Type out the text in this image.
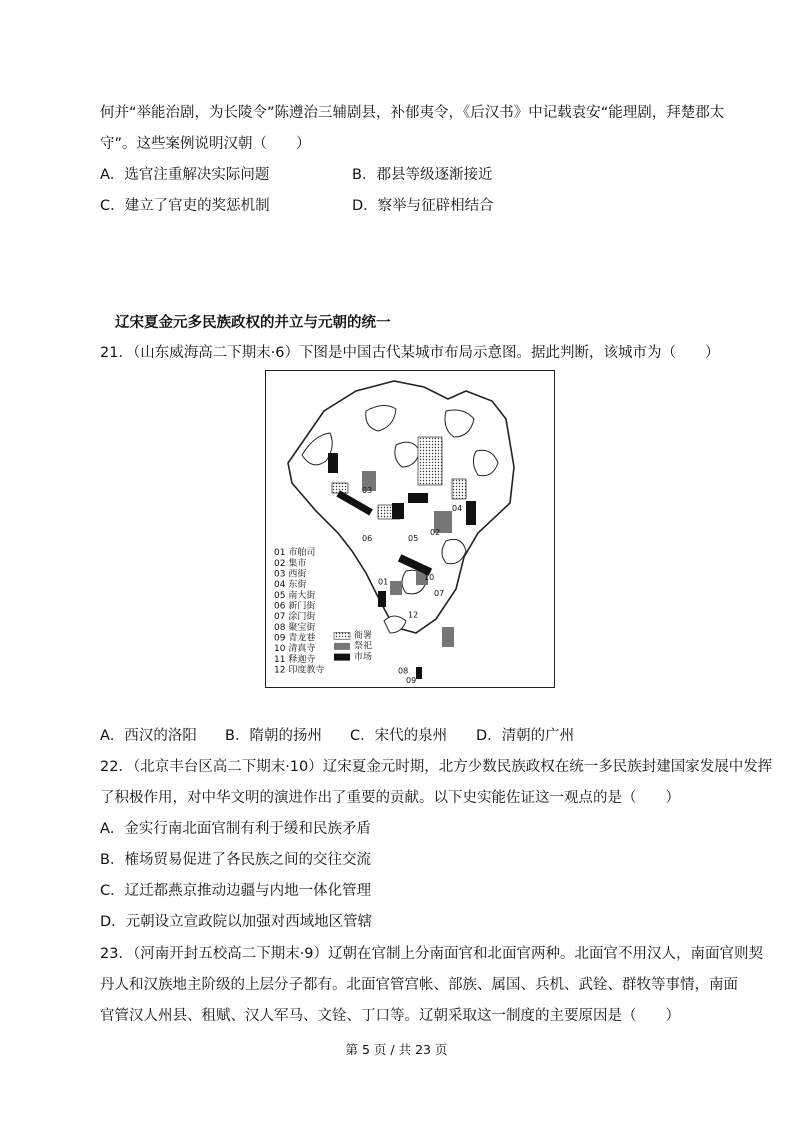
何并“举能治剧，为长陵令”陈遵治三辅剧县，补郁夷令，《后汉书》中记载袁安“能理剧，拜楚郡太
守”。这些案例说明汉朝（　　）
A．选官注重解决实际问题	B．郡县等级逐渐接近
C．建立了官吏的奖惩机制	D．察举与征辟相结合
辽宋夏金元多民族政权的并立与元朝的统一
21．（山东威海高二下期末·6）下图是中国古代某城市布局示意图。据此判断，该城市为（　　）
03
04
05
02
06
01
10
07
12
08
09
01 市舶司
02 集市
03 西街
04 东街
05 南大街
06 新门街
07 涂门街
08 聚宝街
09 青龙巷
10 清真寺
11 释迦寺
12 印度教寺
衙署
祭祀
市场
A．西汉的洛阳 B．隋朝的扬州 C．宋代的泉州 D．清朝的广州
22．（北京丰台区高二下期末·10）辽宋夏金元时期，北方少数民族政权在统一多民族封建国家发展中发挥
了积极作用，对中华文明的演进作出了重要的贡献。以下史实能佐证这一观点的是（　　）
A．金实行南北面官制有利于缓和民族矛盾
B．榷场贸易促进了各民族之间的交往交流
C．辽迁都燕京推动边疆与内地一体化管理
D．元朝设立宣政院以加强对西域地区管辖
23．（河南开封五校高二下期末·9）辽朝在官制上分南面官和北面官两种。北面官不用汉人，南面官则契
丹人和汉族地主阶级的上层分子都有。北面官管宫帐、部族、属国、兵机、武铨、群牧等事情，南面
官管汉人州县、租赋、汉人军马、文铨、丁口等。辽朝采取这一制度的主要原因是（　　）
第 5 页 / 共 23 页
